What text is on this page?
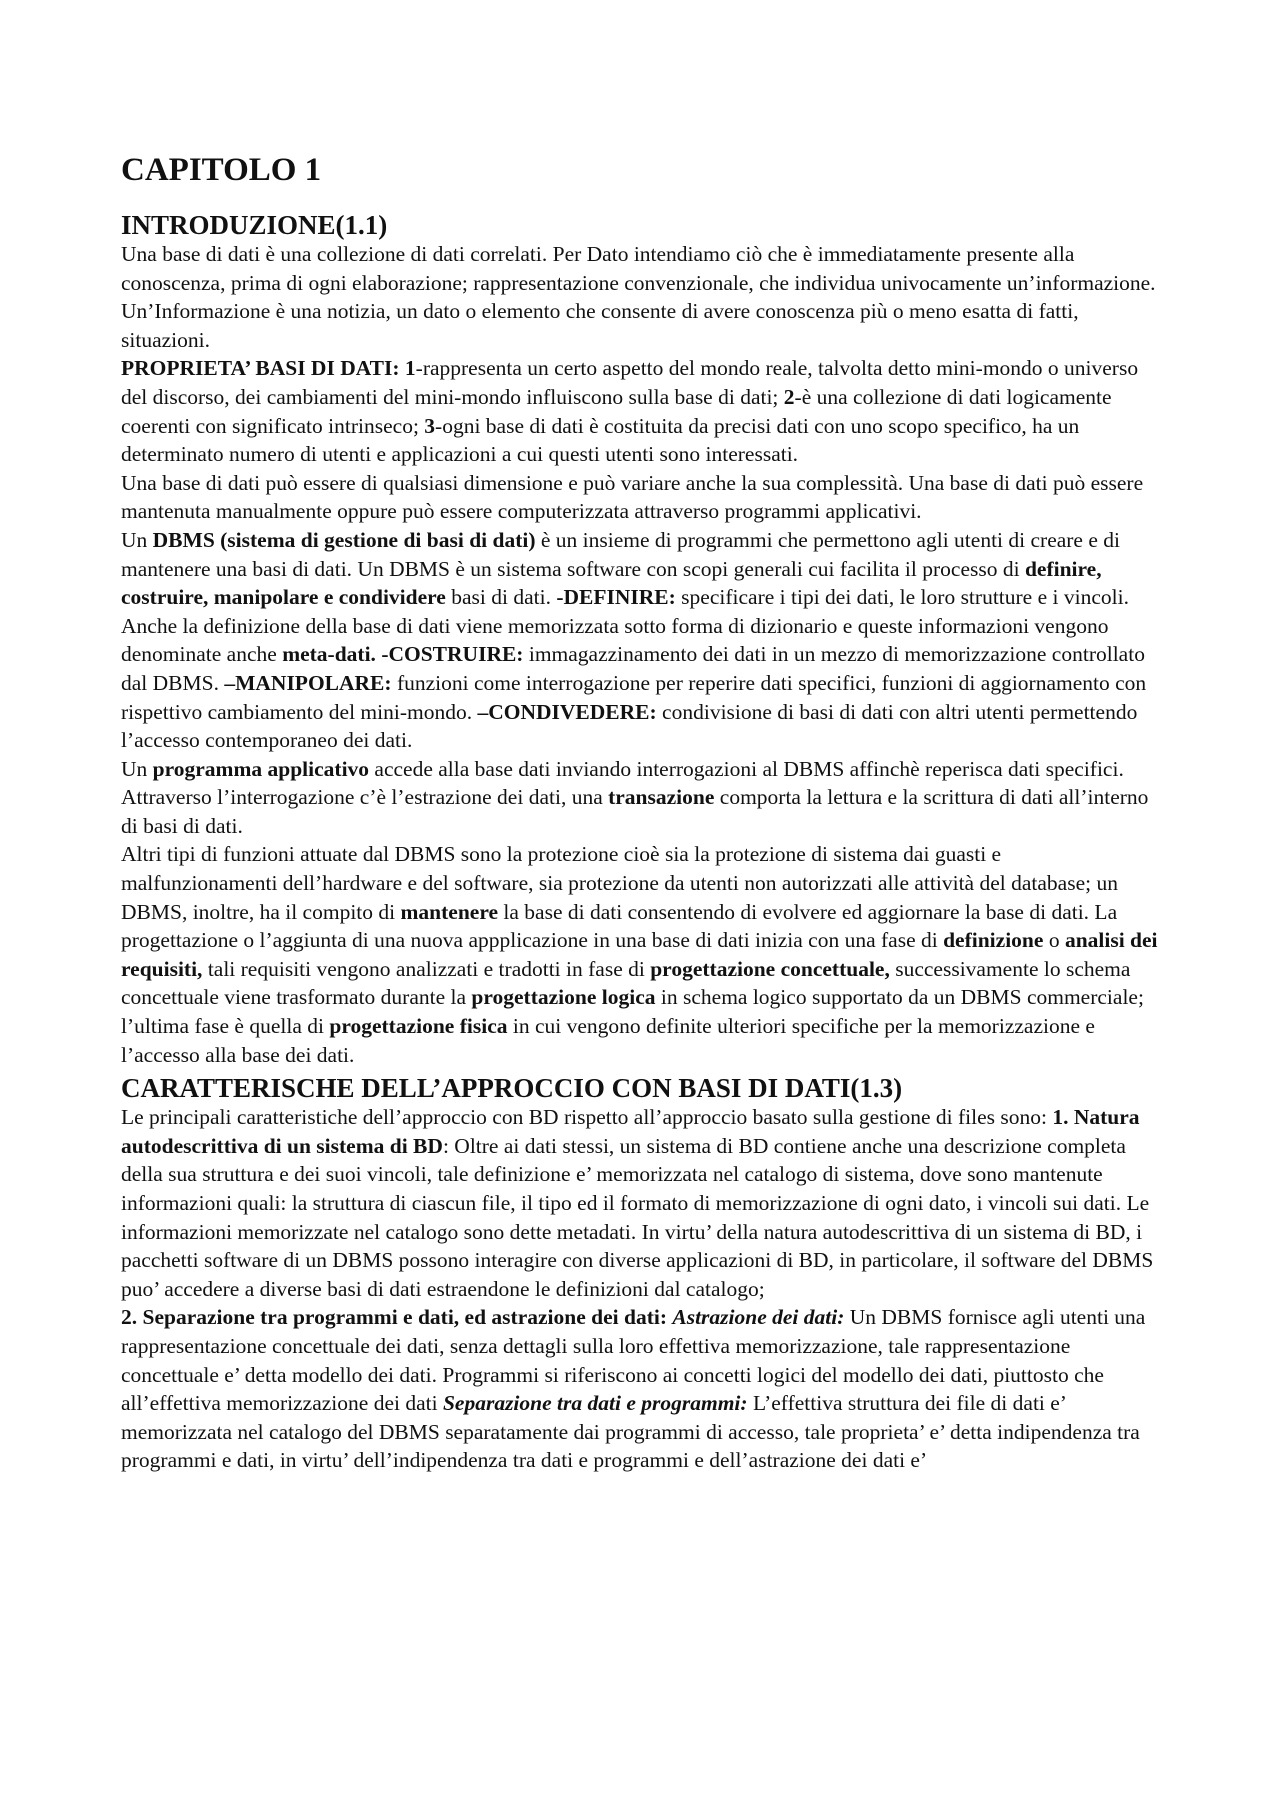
CAPITOLO 1
INTRODUZIONE(1.1)

Una base di dati è una collezione di dati correlati. Per Dato intendiamo ciò che è immediatamente presente alla conoscenza, prima di ogni elaborazione; rappresentazione convenzionale, che individua univocamente un’informazione. Un’Informazione è una notizia, un dato o elemento che consente di avere conoscenza più o meno esatta di fatti, situazioni.

PROPRIETA’ BASI DI DATI: 1-rappresenta un certo aspetto del mondo reale, talvolta detto mini-mondo o universo del discorso, dei cambiamenti del mini-mondo influiscono sulla base di dati; 2-è una collezione di dati logicamente coerenti con significato intrinseco; 3-ogni base di dati è costituita da precisi dati con uno scopo specifico, ha un determinato numero di utenti e applicazioni a cui questi utenti sono interessati.

Una base di dati può essere di qualsiasi dimensione e può variare anche la sua complessità. Una base di dati può essere mantenuta manualmente oppure può essere computerizzata attraverso programmi applicativi.

Un DBMS (sistema di gestione di basi di dati) è un insieme di programmi che permettono agli utenti di creare e di mantenere una basi di dati. Un DBMS è un sistema software con scopi generali cui facilita il processo di definire, costruire, manipolare e condividere basi di dati. -DEFINIRE: specificare i tipi dei dati, le loro strutture e i vincoli. Anche la definizione della base di dati viene memorizzata sotto forma di dizionario e queste informazioni vengono denominate anche meta-dati. -COSTRUIRE: immagazzinamento dei dati in un mezzo di memorizzazione controllato dal DBMS. –MANIPOLARE: funzioni come interrogazione per reperire dati specifici, funzioni di aggiornamento con rispettivo cambiamento del mini-mondo. –CONDIVEDERE: condivisione di basi di dati con altri utenti permettendo l’accesso contemporaneo dei dati.

Un programma applicativo accede alla base dati inviando interrogazioni al DBMS affinchè reperisca dati specifici. Attraverso l’interrogazione c’è l’estrazione dei dati, una transazione comporta la lettura e la scrittura di dati all’interno di basi di dati.

Altri tipi di funzioni attuate dal DBMS sono la protezione cioè sia la protezione di sistema dai guasti e malfunzionamenti dell’hardware e del software, sia protezione da utenti non autorizzati alle attività del database; un DBMS, inoltre, ha il compito di mantenere la base di dati consentendo di evolvere ed aggiornare la base di dati. La progettazione o l’aggiunta di una nuova appplicazione in una base di dati inizia con una fase di definizione o analisi dei requisiti, tali requisiti vengono analizzati e tradotti in fase di progettazione concettuale, successivamente lo schema concettuale viene trasformato durante la progettazione logica in schema logico supportato da un DBMS commerciale; l’ultima fase è quella di progettazione fisica in cui vengono definite ulteriori specifiche per la memorizzazione e l’accesso alla base dei dati.

CARATTERISCHE DELL’APPROCCIO CON BASI DI DATI(1.3)

Le principali caratteristiche dell’approccio con BD rispetto all’approccio basato sulla gestione di files sono: 1. Natura autodescrittiva di un sistema di BD: Oltre ai dati stessi, un sistema di BD contiene anche una descrizione completa della sua struttura e dei suoi vincoli, tale definizione e’ memorizzata nel catalogo di sistema, dove sono mantenute informazioni quali: la struttura di ciascun file, il tipo ed il formato di memorizzazione di ogni dato, i vincoli sui dati. Le informazioni memorizzate nel catalogo sono dette metadati. In virtu’ della natura autodescrittiva di un sistema di BD, i pacchetti software di un DBMS possono interagire con diverse applicazioni di BD, in particolare, il software del DBMS puo’ accedere a diverse basi di dati estraendone le definizioni dal catalogo;

2. Separazione tra programmi e dati, ed astrazione dei dati: Astrazione dei dati: Un DBMS fornisce agli utenti una rappresentazione concettuale dei dati, senza dettagli sulla loro effettiva memorizzazione, tale rappresentazione concettuale e’ detta modello dei dati. Programmi si riferiscono ai concetti logici del modello dei dati, piuttosto che all’effettiva memorizzazione dei dati Separazione tra dati e programmi: L’effettiva struttura dei file di dati e’ memorizzata nel catalogo del DBMS separatamente dai programmi di accesso, tale proprieta’ e’ detta indipendenza tra programmi e dati, in virtu’ dell’indipendenza tra dati e programmi e dell’astrazione dei dati e’
